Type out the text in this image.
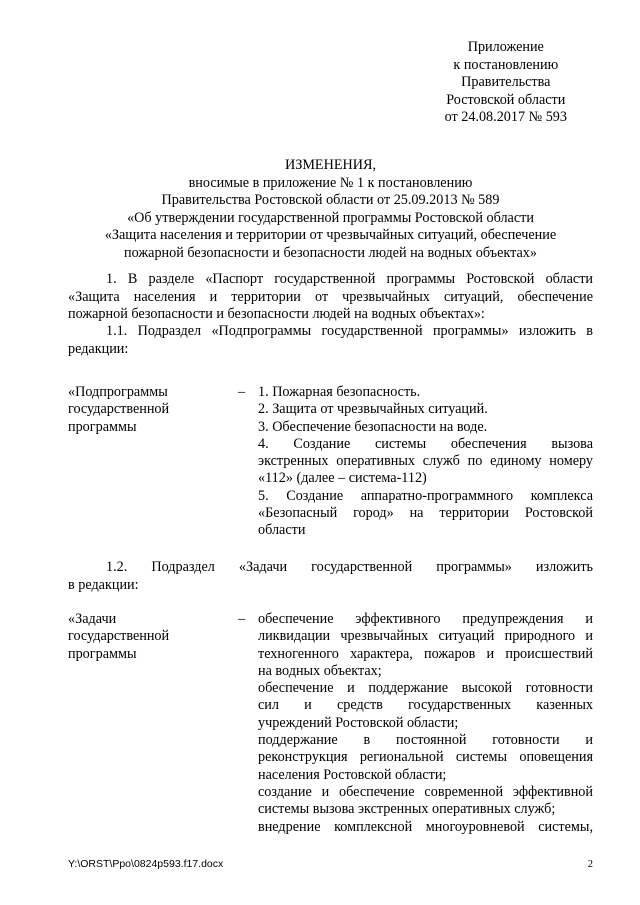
Приложение
к постановлению
Правительства
Ростовской области
от 24.08.2017 № 593
ИЗМЕНЕНИЯ,
вносимые в приложение № 1 к постановлению
Правительства Ростовской области от 25.09.2013 № 589
«Об утверждении государственной программы Ростовской области
«Защита населения и территории от чрезвычайных ситуаций, обеспечение
пожарной безопасности и безопасности людей на водных объектах»
1. В разделе «Паспорт государственной программы Ростовской области
«Защита населения и территории от чрезвычайных ситуаций, обеспечение
пожарной безопасности и безопасности людей на водных объектах»:
1.1. Подраздел «Подпрограммы государственной программы» изложить в
редакции:
«Подпрограммы
государственной
программы
– 1. Пожарная безопасность.
2. Защита от чрезвычайных ситуаций.
3. Обеспечение безопасности на воде.
4. Создание системы обеспечения вызова
экстренных оперативных служб по единому номеру
«112» (далее – система-112)
5. Создание аппаратно-программного комплекса
«Безопасный город» на территории Ростовской
области
1.2. Подраздел «Задачи государственной программы» изложить
в редакции:
«Задачи
государственной
программы
– обеспечение эффективного предупреждения и
ликвидации чрезвычайных ситуаций природного и
техногенного характера, пожаров и происшествий
на водных объектах;
обеспечение и поддержание высокой готовности
сил и средств государственных казенных
учреждений Ростовской области;
поддержание в постоянной готовности и
реконструкция региональной системы оповещения
населения Ростовской области;
создание и обеспечение современной эффективной
системы вызова экстренных оперативных служб;
внедрение комплексной многоуровневой системы,
Y:\ORST\Ppo\0824p593.f17.docx	2
